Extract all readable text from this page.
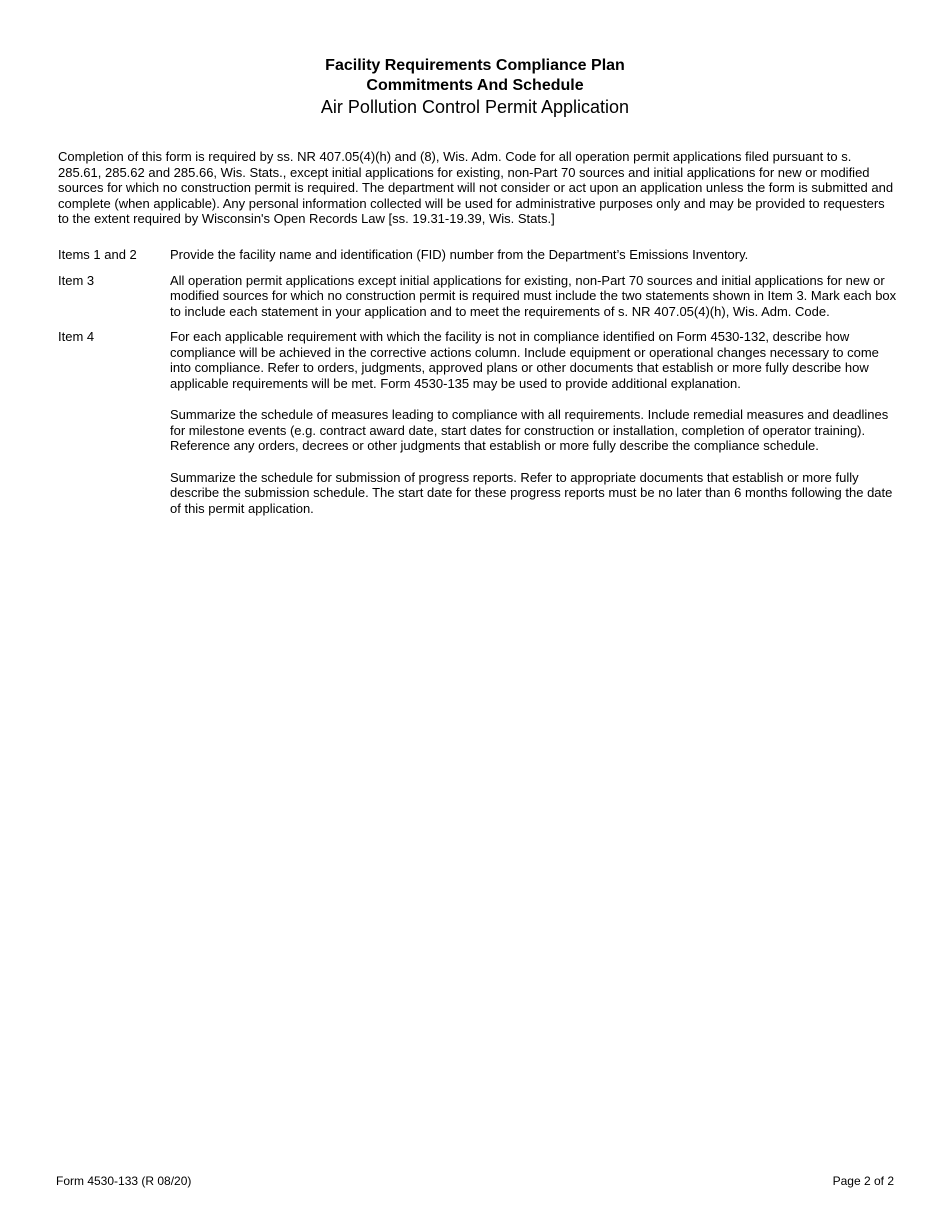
Facility Requirements Compliance Plan
Commitments And Schedule
Air Pollution Control Permit Application
Completion of this form is required by ss. NR 407.05(4)(h) and (8), Wis. Adm. Code for all operation permit applications filed pursuant to s. 285.61, 285.62 and 285.66, Wis. Stats., except initial applications for existing, non-Part 70 sources and initial applications for new or modified sources for which no construction permit is required. The department will not consider or act upon an application unless the form is submitted and complete (when applicable). Any personal information collected will be used for administrative purposes only and may be provided to requesters to the extent required by Wisconsin's Open Records Law [ss. 19.31-19.39, Wis. Stats.]
Items 1 and 2	Provide the facility name and identification (FID) number from the Department’s Emissions Inventory.

Item 3	All operation permit applications except initial applications for existing, non-Part 70 sources and initial applications for new or modified sources for which no construction permit is required must include the two statements shown in Item 3. Mark each box to include each statement in your application and to meet the requirements of s. NR 407.05(4)(h), Wis. Adm. Code.

Item 4	For each applicable requirement with which the facility is not in compliance identified on Form 4530-132, describe how compliance will be achieved in the corrective actions column. Include equipment or operational changes necessary to come into compliance. Refer to orders, judgments, approved plans or other documents that establish or more fully describe how applicable requirements will be met. Form 4530-135 may be used to provide additional explanation.

Summarize the schedule of measures leading to compliance with all requirements. Include remedial measures and deadlines for milestone events (e.g. contract award date, start dates for construction or installation, completion of operator training). Reference any orders, decrees or other judgments that establish or more fully describe the compliance schedule.

Summarize the schedule for submission of progress reports. Refer to appropriate documents that establish or more fully describe the submission schedule. The start date for these progress reports must be no later than 6 months following the date of this permit application.

Form 4530-133 (R 08/20)	Page 2 of 2
